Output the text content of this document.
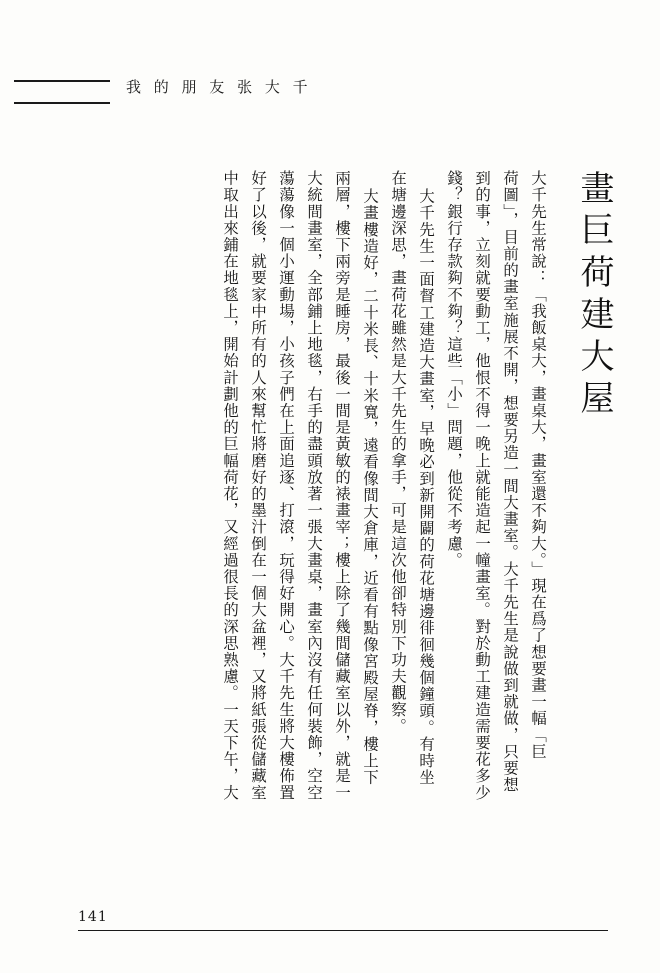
我 的 朋 友 张 大 千
畫巨荷建大屋
大千先生常說：「我飯桌大，畫桌大，畫室還不夠大。」現在爲了想要畫一幅「巨
荷圖」，目前的畫室施展不開，想要另造一間大畫室。大千先生是說做到就做，只要想
到的事，立刻就要動工，他恨不得一晚上就能造起一幢畫室。對於動工建造需要花多少
錢？銀行存款夠不夠？這些「小」問題，他從不考慮。
大千先生一面督工建造大畫室，早晚必到新開闢的荷花塘邊徘徊幾個鐘頭。有時坐
在塘邊深思，畫荷花雖然是大千先生的拿手，可是這次他卻特別下功夫觀察。
大畫樓造好，二十米長、十米寬，遠看像間大倉庫，近看有點像宮殿屋脊，樓上下
兩層，樓下兩旁是睡房，最後一間是黃敏的裱畫宰；樓上除了幾間儲藏室以外，就是一
大統間畫室，全部鋪上地毯，右手的盡頭放著一張大畫桌，畫室內沒有任何裝飾，空空
蕩蕩像一個小運動場，小孩子們在上面追逐、打滾，玩得好開心。大千先生將大樓佈置
好了以後，就要家中所有的人來幫忙將磨好的墨汁倒在一個大盆裡，又將紙張從儲藏室
中取出來鋪在地毯上，開始計劃他的巨幅荷花，又經過很長的深思熟慮。一天下午，大
141
